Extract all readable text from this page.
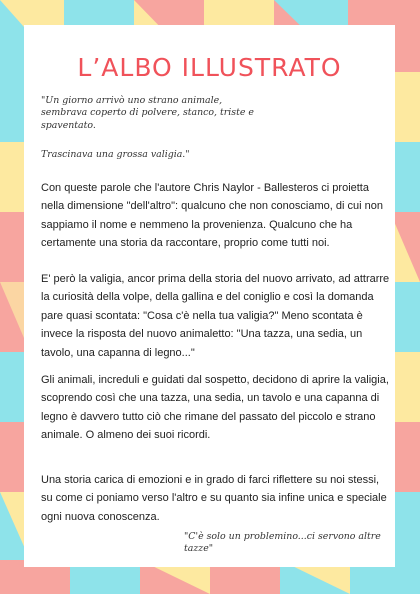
L’ALBO ILLUSTRATO
"Un giorno arrivò uno strano animale, sembrava coperto di polvere, stanco, triste e spaventato.
Trascinava una grossa valigia."
Con queste parole che l'autore Chris Naylor - Ballesteros ci proietta nella dimensione "dell'altro": qualcuno che non conosciamo, di cui non sappiamo il nome e nemmeno la provenienza. Qualcuno che ha certamente una storia da raccontare, proprio come tutti noi.
E' però la valigia, ancor prima della storia del nuovo arrivato, ad attrarre la curiosità della volpe, della gallina e del coniglio e così la domanda pare quasi scontata: "Cosa c'è nella tua valigia?" Meno scontata è invece la risposta del nuovo animaletto: "Una tazza, una sedia, un tavolo, una capanna di legno..."
Gli animali, increduli e guidati dal sospetto, decidono di aprire la valigia, scoprendo così che una tazza, una sedia, un tavolo e una capanna di legno è davvero tutto ciò che rimane del passato del piccolo e strano animale. O almeno dei suoi ricordi.
Una storia carica di emozioni e in grado di farci riflettere su noi stessi, su come ci poniamo verso l'altro e su quanto sia infine unica e speciale ogni nuova conoscenza.
"C'è solo un problemino...ci servono altre tazze"
